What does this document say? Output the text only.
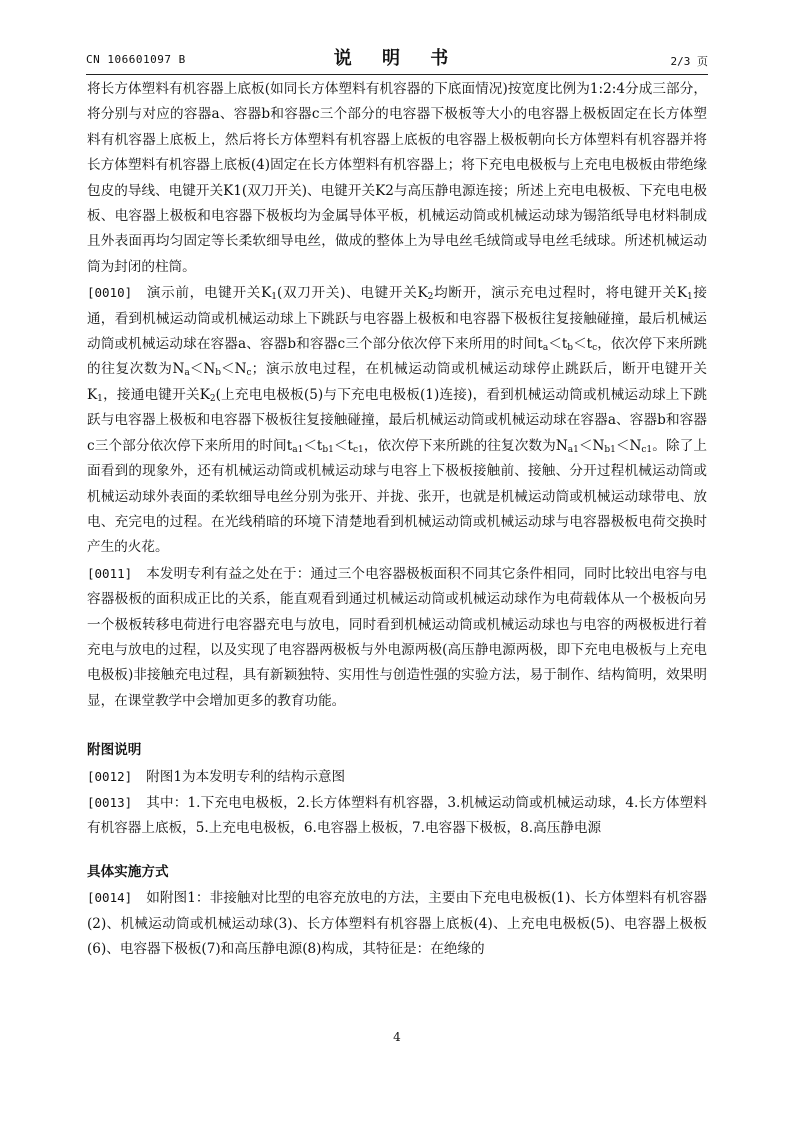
CN 106601097 B	说 明 书	2/3 页

将长方体塑料有机容器上底板(如同长方体塑料有机容器的下底面情况)按宽度比例为1:2:4分成三部分，将分别与对应的容器a、容器b和容器c三个部分的电容器下极板等大小的电容器上极板固定在长方体塑料有机容器上底板上，然后将长方体塑料有机容器上底板的电容器上极板朝向长方体塑料有机容器并将长方体塑料有机容器上底板(4)固定在长方体塑料有机容器上；将下充电电极板与上充电电极板由带绝缘包皮的导线、电键开关K1(双刀开关)、电键开关K2与高压静电源连接；所述上充电电极板、下充电电极板、电容器上极板和电容器下极板均为金属导体平板，机械运动筒或机械运动球为锡箔纸导电材料制成且外表面再均匀固定等长柔软细导电丝，做成的整体上为导电丝毛绒筒或导电丝毛绒球。所述机械运动筒为封闭的柱筒。

[0010] 演示前，电键开关$K_1$(双刀开关)、电键开关$K_2$均断开，演示充电过程时，将电键开关$K_1$接通，看到机械运动筒或机械运动球上下跳跃与电容器上极板和电容器下极板往复接触碰撞，最后机械运动筒或机械运动球在容器a、容器b和容器c三个部分依次停下来所用的时间$t_a<t_b<t_c$，依次停下来所跳的往复次数为$N_a<N_b<N_c$；演示放电过程，在机械运动筒或机械运动球停止跳跃后，断开电键开关$K_1$，接通电键开关$K_2$(上充电电极板(5)与下充电电极板(1)连接)，看到机械运动筒或机械运动球上下跳跃与电容器上极板和电容器下极板往复接触碰撞，最后机械运动筒或机械运动球在容器a、容器b和容器c三个部分依次停下来所用的时间$t_{a1}<t_{b1}<t_{c1}$，依次停下来所跳的往复次数为$N_{a1}<N_{b1}<N_{c1}$。除了上面看到的现象外，还有机械运动筒或机械运动球与电容上下极板接触前、接触、分开过程机械运动筒或机械运动球外表面的柔软细导电丝分别为张开、并拢、张开，也就是机械运动筒或机械运动球带电、放电、充完电的过程。在光线稍暗的环境下清楚地看到机械运动筒或机械运动球与电容器极板电荷交换时产生的火花。

[0011] 本发明专利有益之处在于：通过三个电容器极板面积不同其它条件相同，同时比较出电容与电容器极板的面积成正比的关系，能直观看到通过机械运动筒或机械运动球作为电荷载体从一个极板向另一个极板转移电荷进行电容器充电与放电，同时看到机械运动筒或机械运动球也与电容的两极板进行着充电与放电的过程，以及实现了电容器两极板与外电源两极(高压静电源两极，即下充电电极板与上充电电极板)非接触充电过程，具有新颖独特、实用性与创造性强的实验方法，易于制作、结构简明，效果明显，在课堂教学中会增加更多的教育功能。

附图说明

[0012] 附图1为本发明专利的结构示意图

[0013] 其中：1.下充电电极板，2.长方体塑料有机容器，3.机械运动筒或机械运动球，4.长方体塑料有机容器上底板，5.上充电电极板，6.电容器上极板，7.电容器下极板，8.高压静电源

具体实施方式

[0014] 如附图1：非接触对比型的电容充放电的方法，主要由下充电电极板(1)、长方体塑料有机容器(2)、机械运动筒或机械运动球(3)、长方体塑料有机容器上底板(4)、上充电电极板(5)、电容器上极板(6)、电容器下极板(7)和高压静电源(8)构成，其特征是：在绝缘的

4
